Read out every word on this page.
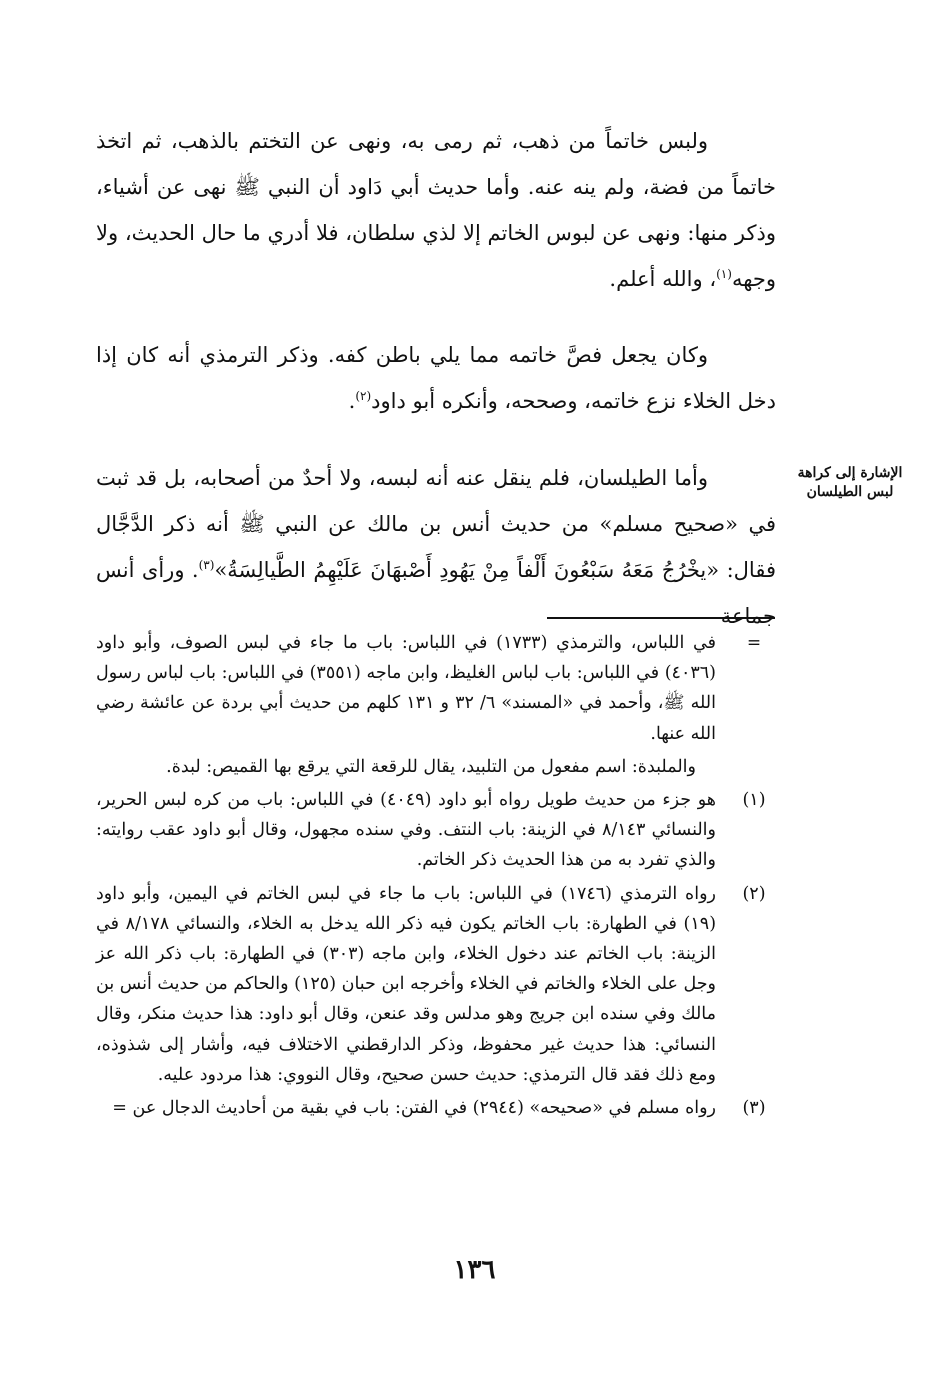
ولبس خاتماً من ذهب، ثم رمى به، ونهى عن التختم بالذهب، ثم اتخذ خاتماً من فضة، ولم ينه عنه. وأما حديث أبي دَاود أن النبي ﷺ نهى عن أشياء، وذكر منها: ونهى عن لبوس الخاتم إلا لذي سلطان، فلا أدري ما حال الحديث، ولا وجهه$^{(١)}$، والله أعلم.

وكان يجعل فصَّ خاتمه مما يلي باطن كفه. وذكر الترمذي أنه كان إذا دخل الخلاء نزع خاتمه، وصححه، وأنكره أبو داود$^{(٢)}$.

وأما الطيلسان، فلم ينقل عنه أنه لبسه، ولا أحدٌ من أصحابه، بل قد ثبت في «صحيح مسلم» من حديث أنس بن مالك عن النبي ﷺ أنه ذكر الدَّجَّال فقال: «يخْرُجُ مَعَهُ سَبْعُونَ أَلْفاً مِنْ يَهُودِ أَصْبهَانَ عَلَيْهِمُ الطَّيالِسَةُ»$^{(٣)}$. ورأى أنس جماعة

الإشارة إلى كراهة لبس الطيلسان
=
في اللباس، والترمذي (١٧٣٣) في اللباس: باب ما جاء في لبس الصوف، وأبو داود (٤٠٣٦) في اللباس: باب لباس الغليظ، وابن ماجه (٣٥٥١) في اللباس: باب لباس رسول الله ﷺ، وأحمد في «المسند» ٦/ ٣٢ و ١٣١ كلهم من حديث أبي بردة عن عائشة رضي الله عنها.
والملبدة: اسم مفعول من التلبيد، يقال للرقعة التي يرقع بها القميص: لبدة.
(١)
هو جزء من حديث طويل رواه أبو داود (٤٠٤٩) في اللباس: باب من كره لبس الحرير، والنسائي ٨/١٤٣ في الزينة: باب النتف. وفي سنده مجهول، وقال أبو داود عقب روايته: والذي تفرد به من هذا الحديث ذكر الخاتم.
(٢)
رواه الترمذي (١٧٤٦) في اللباس: باب ما جاء في لبس الخاتم في اليمين، وأبو داود (١٩) في الطهارة: باب الخاتم يكون فيه ذكر الله يدخل به الخلاء، والنسائي ٨/١٧٨ في الزينة: باب الخاتم عند دخول الخلاء، وابن ماجه (٣٠٣) في الطهارة: باب ذكر الله عز وجل على الخلاء والخاتم في الخلاء وأخرجه ابن حبان (١٢٥) والحاكم من حديث أنس بن مالك وفي سنده ابن جريج وهو مدلس وقد عنعن، وقال أبو داود: هذا حديث منكر، وقال النسائي: هذا حديث غير محفوظ، وذكر الدارقطني الاختلاف فيه، وأشار إلى شذوذه، ومع ذلك فقد قال الترمذي: حديث حسن صحيح، وقال النووي: هذا مردود عليه.
(٣)
رواه مسلم في «صحيحه» (٢٩٤٤) في الفتن: باب في بقية من أحاديث الدجال عن =
١٣٦
